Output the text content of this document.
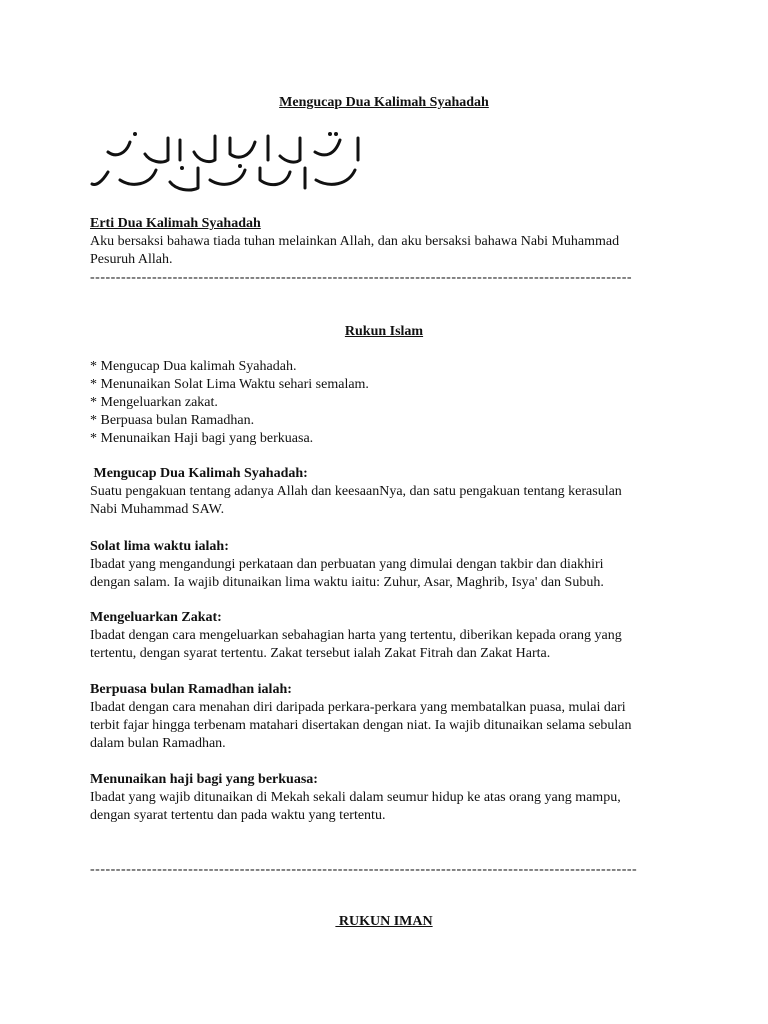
Mengucap Dua Kalimah Syahadah

Erti Dua Kalimah Syahadah

Aku bersaksi bahawa tiada tuhan melainkan Allah, dan aku bersaksi bahawa Nabi Muhammad

Pesuruh Allah.

---------------------------------------------------------------------------------------------------------
Rukun Islam
* Mengucap Dua kalimah Syahadah.
* Menunaikan Solat Lima Waktu sehari semalam.
* Mengeluarkan zakat.
* Berpuasa bulan Ramadhan.
* Menunaikan Haji bagi yang berkuasa.

Mengucap Dua Kalimah Syahadah:

Suatu pengakuan tentang adanya Allah dan keesaanNya, dan satu pengakuan tentang kerasulan

Nabi Muhammad SAW.

Solat lima waktu ialah:

Ibadat yang mengandungi perkataan dan perbuatan yang dimulai dengan takbir dan diakhiri

dengan salam. Ia wajib ditunaikan lima waktu iaitu: Zuhur, Asar, Maghrib, Isya' dan Subuh.

Mengeluarkan Zakat:

Ibadat dengan cara mengeluarkan sebahagian harta yang tertentu, diberikan kepada orang yang

tertentu, dengan syarat tertentu. Zakat tersebut ialah Zakat Fitrah dan Zakat Harta.

Berpuasa bulan Ramadhan ialah:

Ibadat dengan cara menahan diri daripada perkara-perkara yang membatalkan puasa, mulai dari

terbit fajar hingga terbenam matahari disertakan dengan niat. Ia wajib ditunaikan selama sebulan

dalam bulan Ramadhan.

Menunaikan haji bagi yang berkuasa:

Ibadat yang wajib ditunaikan di Mekah sekali dalam seumur hidup ke atas orang yang mampu,

dengan syarat tertentu dan pada waktu yang tertentu.

----------------------------------------------------------------------------------------------------------
RUKUN IMAN
